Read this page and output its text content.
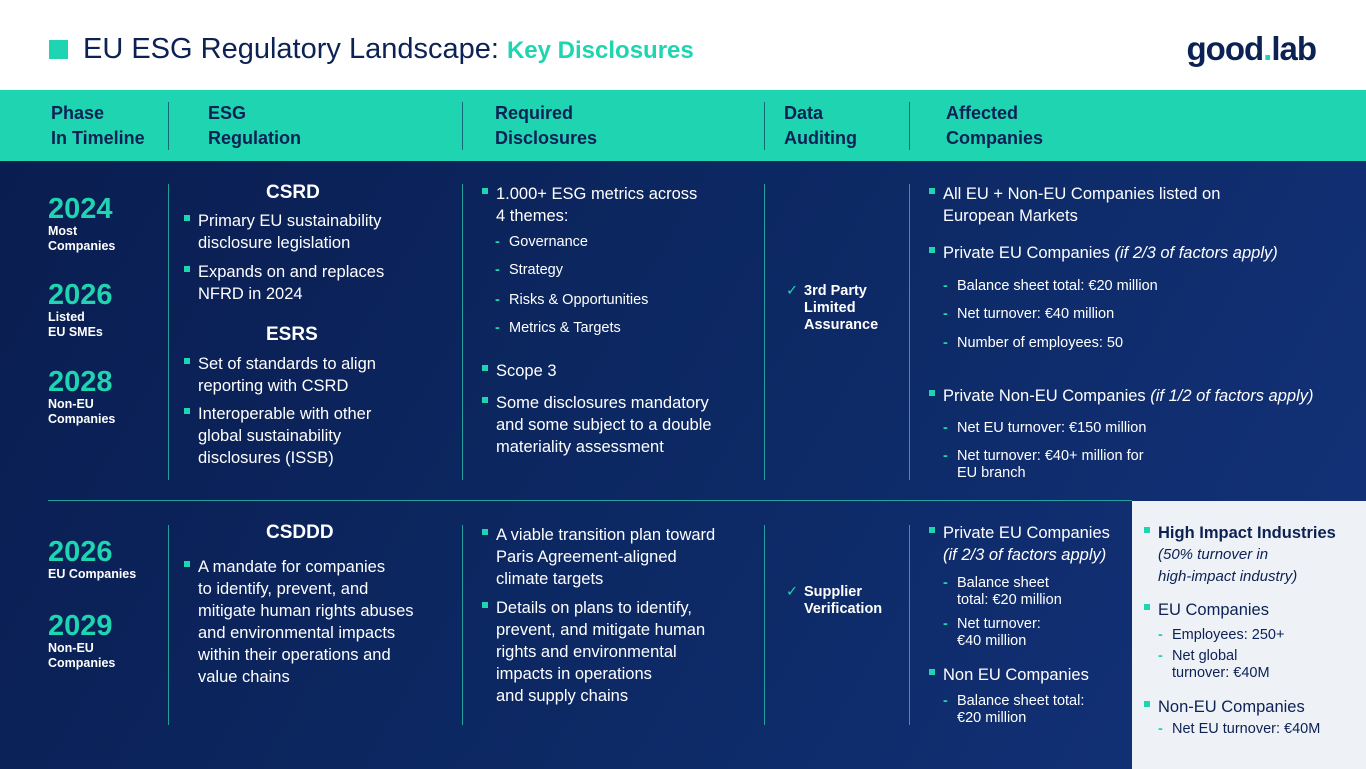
EU ESG Regulatory Landscape: Key Disclosures	good.lab
Phase
In Timeline
ESG
Regulation
Required
Disclosures
Data
Auditing
Affected
Companies
2024
Most
Companies
2026
Listed
EU SMEs
2028
Non-EU
Companies
CSRD
Primary EU sustainability
disclosure legislation
Expands on and replaces
NFRD in 2024
ESRS
Set of standards to align
reporting with CSRD
Interoperable with other
global sustainability
disclosures (ISSB)
1.000+ ESG metrics across
4 themes:
- Governance
- Strategy
- Risks & Opportunities
- Metrics & Targets
Scope 3
Some disclosures mandatory
and some subject to a double
materiality assessment
✓ 3rd Party
Limited
Assurance
All EU + Non-EU Companies listed on
European Markets
Private EU Companies (if 2/3 of factors apply)
- Balance sheet total: €20 million
- Net turnover: €40 million
- Number of employees: 50
Private Non-EU Companies (if 1/2 of factors apply)
- Net EU turnover: €150 million
- Net turnover: €40+ million for
EU branch
2026
EU Companies
2029
Non-EU
Companies
CSDDD
A mandate for companies
to identify, prevent, and
mitigate human rights abuses
and environmental impacts
within their operations and
value chains
A viable transition plan toward
Paris Agreement-aligned
climate targets
Details on plans to identify,
prevent, and mitigate human
rights and environmental
impacts in operations
and supply chains
✓ Supplier
Verification
Private EU Companies
(if 2/3 of factors apply)
- Balance sheet
total: €20 million
- Net turnover:
€40 million
Non EU Companies
- Balance sheet total:
€20 million
High Impact Industries
(50% turnover in
high-impact industry)
EU Companies
- Employees: 250+
- Net global
turnover: €40M
Non-EU Companies
- Net EU turnover: €40M
